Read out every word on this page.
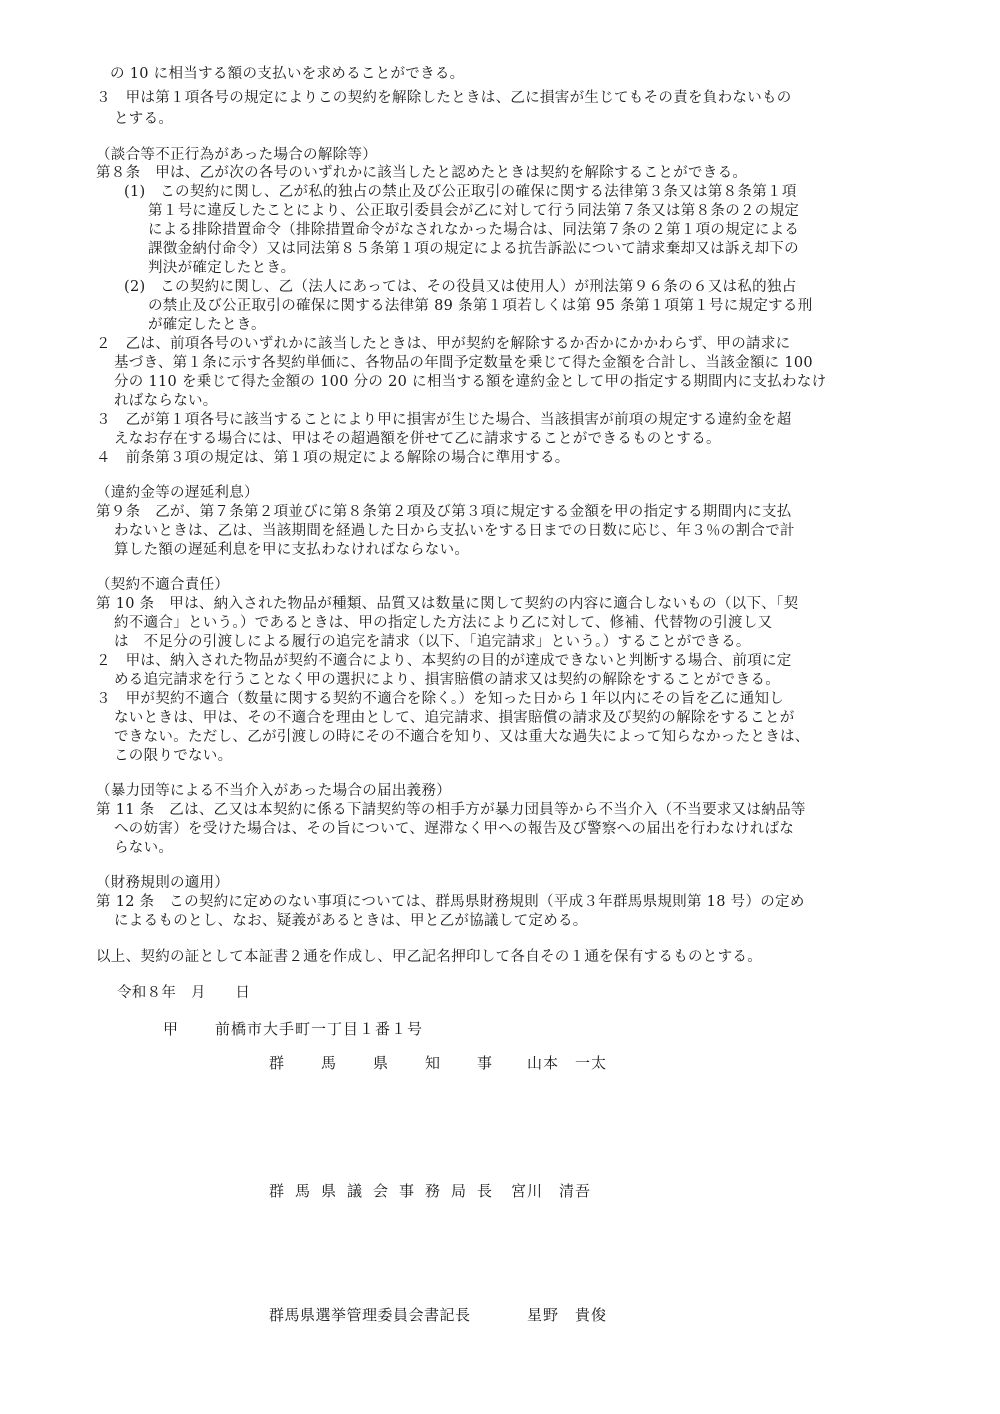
の 10 に相当する額の支払いを求めることができる。
３　甲は第１項各号の規定によりこの契約を解除したときは、乙に損害が生じてもその責を負わないもの
とする。
（談合等不正行為があった場合の解除等）
第８条　甲は、乙が次の各号のいずれかに該当したと認めたときは契約を解除することができる。
(1)　この契約に関し、乙が私的独占の禁止及び公正取引の確保に関する法律第３条又は第８条第１項
第１号に違反したことにより、公正取引委員会が乙に対して行う同法第７条又は第８条の２の規定
による排除措置命令（排除措置命令がなされなかった場合は、同法第７条の２第１項の規定による
課徴金納付命令）又は同法第８５条第１項の規定による抗告訴訟について請求棄却又は訴え却下の
判決が確定したとき。
(2)　この契約に関し、乙（法人にあっては、その役員又は使用人）が刑法第９６条の６又は私的独占
の禁止及び公正取引の確保に関する法律第 89 条第１項若しくは第 95 条第１項第１号に規定する刑
が確定したとき。
２　乙は、前項各号のいずれかに該当したときは、甲が契約を解除するか否かにかかわらず、甲の請求に
基づき、第１条に示す各契約単価に、各物品の年間予定数量を乗じて得た金額を合計し、当該金額に 100
分の 110 を乗じて得た金額の 100 分の 20 に相当する額を違約金として甲の指定する期間内に支払わなけ
ればならない。
３　乙が第１項各号に該当することにより甲に損害が生じた場合、当該損害が前項の規定する違約金を超
えなお存在する場合には、甲はその超過額を併せて乙に請求することができるものとする。
４　前条第３項の規定は、第１項の規定による解除の場合に準用する。
（違約金等の遅延利息）
第９条　乙が、第７条第２項並びに第８条第２項及び第３項に規定する金額を甲の指定する期間内に支払
わないときは、乙は、当該期間を経過した日から支払いをする日までの日数に応じ、年３％の割合で計
算した額の遅延利息を甲に支払わなければならない。
（契約不適合責任）
第 10 条　甲は、納入された物品が種類、品質又は数量に関して契約の内容に適合しないもの（以下、「契
約不適合」という。）であるときは、甲の指定した方法により乙に対して、修補、代替物の引渡し又
は　不足分の引渡しによる履行の追完を請求（以下、「追完請求」という。）することができる。
２　甲は、納入された物品が契約不適合により、本契約の目的が達成できないと判断する場合、前項に定
める追完請求を行うことなく甲の選択により、損害賠償の請求又は契約の解除をすることができる。
３　甲が契約不適合（数量に関する契約不適合を除く。）を知った日から１年以内にその旨を乙に通知し
ないときは、甲は、その不適合を理由として、追完請求、損害賠償の請求及び契約の解除をすることが
できない。ただし、乙が引渡しの時にその不適合を知り、又は重大な過失によって知らなかったときは、
この限りでない。
（暴力団等による不当介入があった場合の届出義務）
第 11 条　乙は、乙又は本契約に係る下請契約等の相手方が暴力団員等から不当介入（不当要求又は納品等
への妨害）を受けた場合は、その旨について、遅滞なく甲への報告及び警察への届出を行わなければな
らない。
（財務規則の適用）
第 12 条　この契約に定めのない事項については、群馬県財務規則（平成３年群馬県規則第 18 号）の定め
によるものとし、なお、疑義があるときは、甲と乙が協議して定める。
以上、契約の証として本証書２通を作成し、甲乙記名押印して各自その１通を保有するものとする。
令和８年　月　　日
甲 前橋市大手町一丁目１番１号
群 馬 県 知 事 山本　一太
群 馬 県 議 会 事 務 局 長 宮川　清吾
群馬県選挙管理委員会書記長	星野　貴俊
